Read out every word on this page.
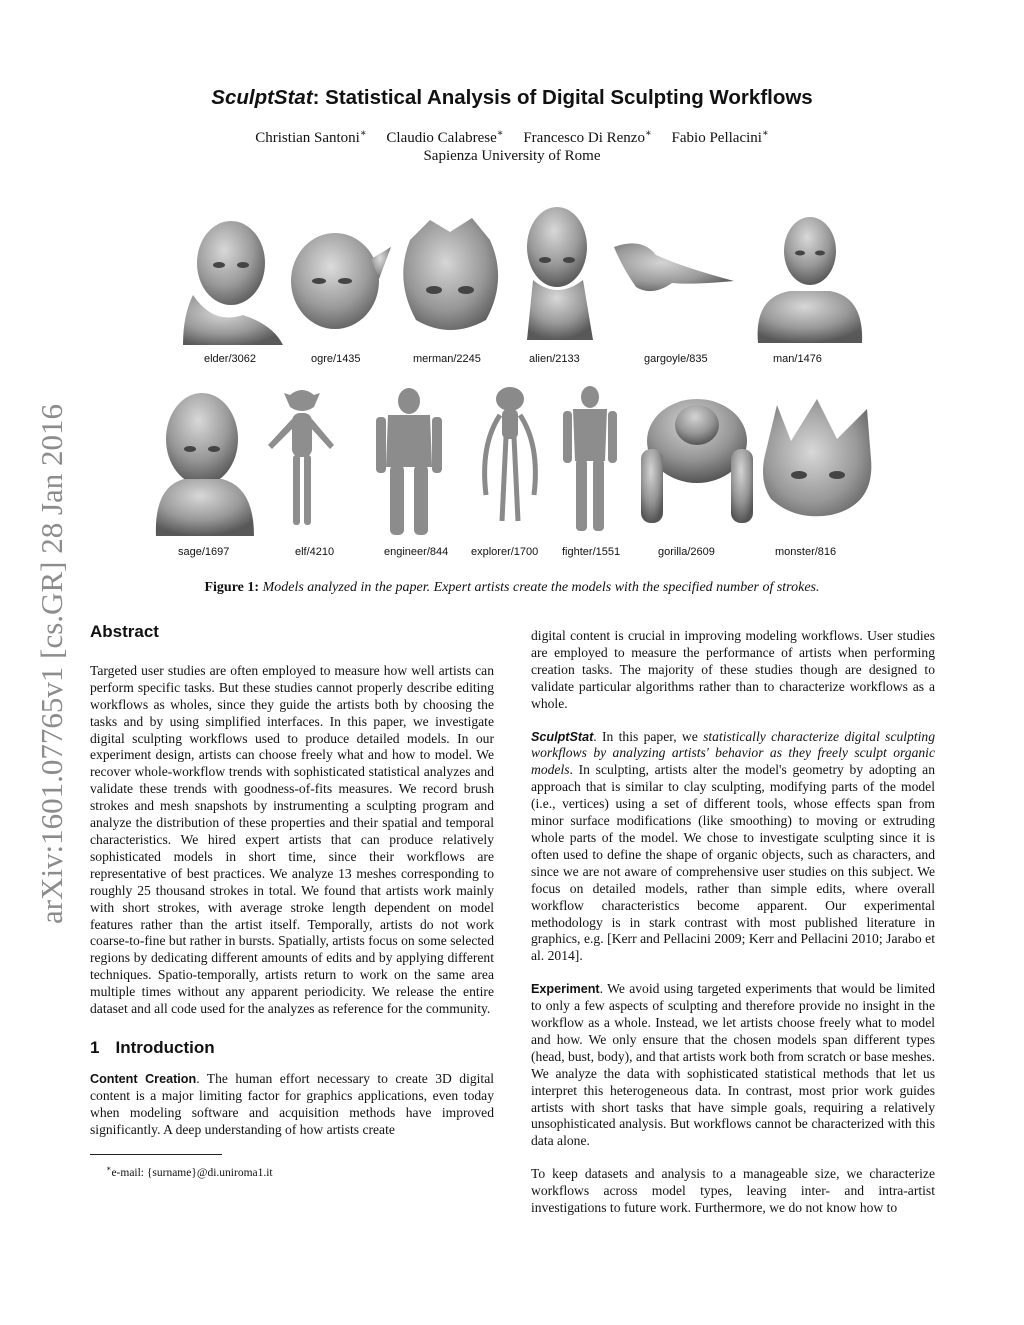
arXiv:1601.07765v1 [cs.GR] 28 Jan 2016
SculptStat: Statistical Analysis of Digital Sculpting Workflows
Christian Santoni∗ Claudio Calabrese∗ Francesco Di Renzo∗ Fabio Pellacini∗
Sapienza University of Rome
elder/3062	ogre/1435	merman/2245	alien/2133	gargoyle/835	man/1476
sage/1697	elf/4210	engineer/844 explorer/1700 fighter/1551	gorilla/2609	monster/816
Figure 1: Models analyzed in the paper. Expert artists create the models with the specified number of strokes.
Abstract

Targeted user studies are often employed to measure how well artists can perform specific tasks. But these studies cannot properly describe editing workflows as wholes, since they guide the artists both by choosing the tasks and by using simplified interfaces. In this paper, we investigate digital sculpting workflows used to produce detailed models. In our experiment design, artists can choose freely what and how to model. We recover whole-workflow trends with sophisticated statistical analyzes and validate these trends with goodness-of-fits measures. We record brush strokes and mesh snapshots by instrumenting a sculpting program and analyze the distribution of these properties and their spatial and temporal characteristics. We hired expert artists that can produce relatively sophisticated models in short time, since their workflows are representative of best practices. We analyze 13 meshes corresponding to roughly 25 thousand strokes in total. We found that artists work mainly with short strokes, with average stroke length dependent on model features rather than the artist itself. Temporally, artists do not work coarse-to-fine but rather in bursts. Spatially, artists focus on some selected regions by dedicating different amounts of edits and by applying different techniques. Spatio-temporally, artists return to work on the same area multiple times without any apparent periodicity. We release the entire dataset and all code used for the analyzes as reference for the community.

1 Introduction

Content Creation. The human effort necessary to create 3D digital content is a major limiting factor for graphics applications, even today when modeling software and acquisition methods have improved significantly. A deep understanding of how artists create

∗e-mail: {surname}@di.uniroma1.it

digital content is crucial in improving modeling workflows. User studies are employed to measure the performance of artists when performing creation tasks. The majority of these studies though are designed to validate particular algorithms rather than to characterize workflows as a whole.

SculptStat. In this paper, we statistically characterize digital sculpting workflows by analyzing artists' behavior as they freely sculpt organic models. In sculpting, artists alter the model's geometry by adopting an approach that is similar to clay sculpting, modifying parts of the model (i.e., vertices) using a set of different tools, whose effects span from minor surface modifications (like smoothing) to moving or extruding whole parts of the model. We chose to investigate sculpting since it is often used to define the shape of organic objects, such as characters, and since we are not aware of comprehensive user studies on this subject. We focus on detailed models, rather than simple edits, where overall workflow characteristics become apparent. Our experimental methodology is in stark contrast with most published literature in graphics, e.g. [Kerr and Pellacini 2009; Kerr and Pellacini 2010; Jarabo et al. 2014].

Experiment. We avoid using targeted experiments that would be limited to only a few aspects of sculpting and therefore provide no insight in the workflow as a whole. Instead, we let artists choose freely what to model and how. We only ensure that the chosen models span different types (head, bust, body), and that artists work both from scratch or base meshes. We analyze the data with sophisticated statistical methods that let us interpret this heterogeneous data. In contrast, most prior work guides artists with short tasks that have simple goals, requiring a relatively unsophisticated analysis. But workflows cannot be characterized with this data alone.

To keep datasets and analysis to a manageable size, we characterize workflows across model types, leaving inter- and intra-artist investigations to future work. Furthermore, we do not know how to
